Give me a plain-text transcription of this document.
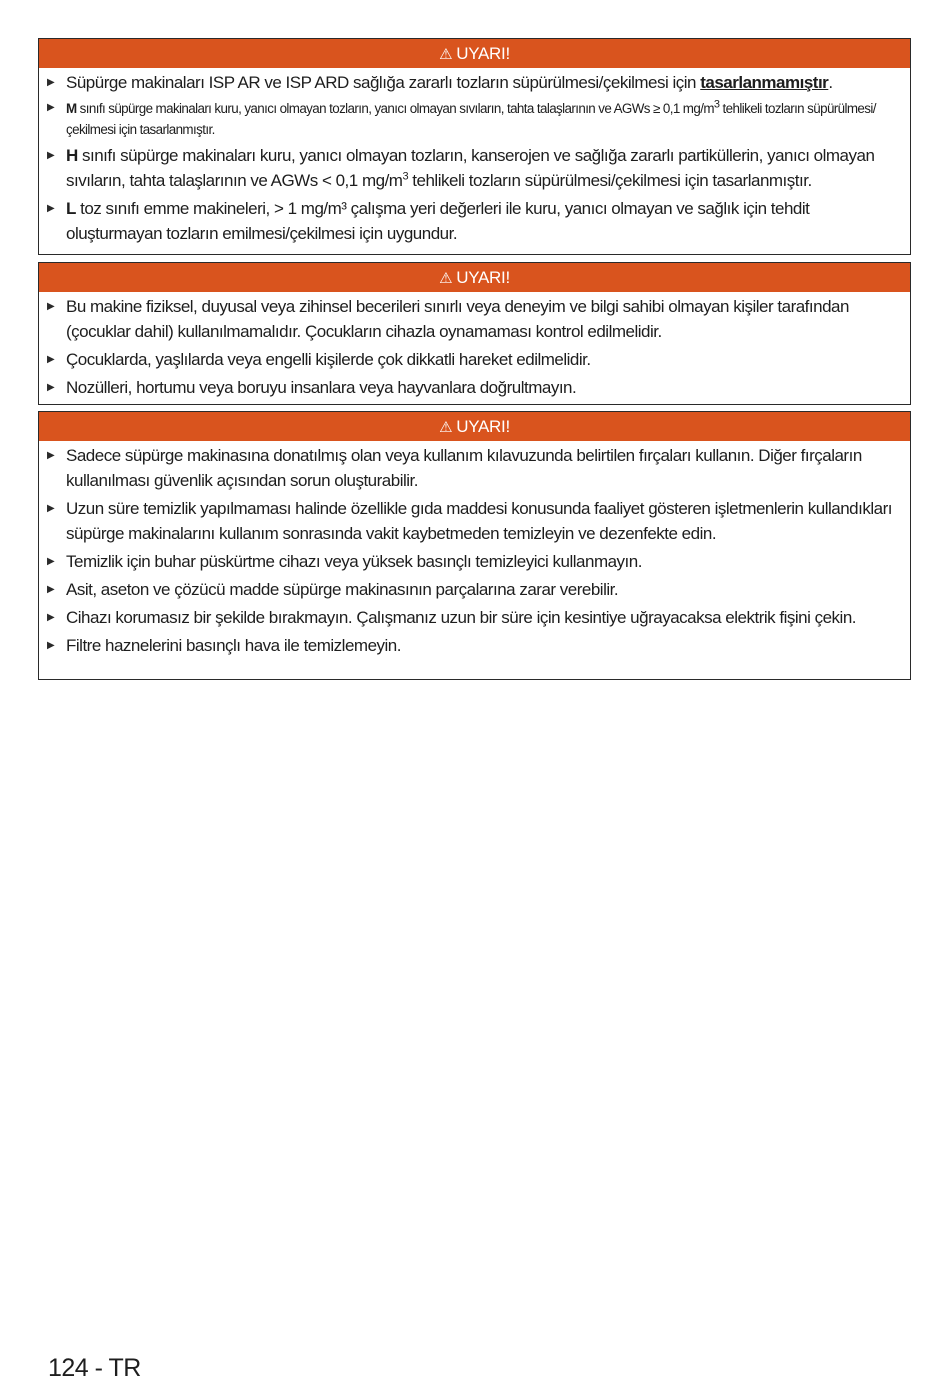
⚠ UYARI!
▶ Süpürge makinaları ISP AR ve ISP ARD sağlığa zararlı tozların süpürülmesi/çekilmesi için tasarlanmamıştır.
▶ M sınıfı süpürge makinaları kuru, yanıcı olmayan tozların, yanıcı olmayan sıvıların, tahta talaşlarının ve AGWs ≥ 0,1 $mg/m^3$ tehlikeli tozların süpürülmesi/çekilmesi için tasarlanmıştır.
▶ H sınıfı süpürge makinaları kuru, yanıcı olmayan tozların, kanserojen ve sağlığa zararlı partiküllerin, yanıcı olmayan sıvıların, tahta talaşlarının ve AGWs < 0,1 $mg/m^3$ tehlikeli tozların süpürülmesi/çekilmesi için tasarlanmıştır.
▶ L toz sınıfı emme makineleri, > 1 mg/m³ çalışma yeri değerleri ile kuru, yanıcı olmayan ve sağlık için tehdit oluşturmayan tozların emilmesi/çekilmesi için uygundur.
⚠ UYARI!
▶ Bu makine fiziksel, duyusal veya zihinsel becerileri sınırlı veya deneyim ve bilgi sahibi olmayan kişiler tarafından (çocuklar dahil) kullanılmamalıdır. Çocukların cihazla oynamaması kontrol edilmelidir.
▶ Çocuklarda, yaşlılarda veya engelli kişilerde çok dikkatli hareket edilmelidir.
▶ Nozülleri, hortumu veya boruyu insanlara veya hayvanlara doğrultmayın.
⚠ UYARI!
▶ Sadece süpürge makinasına donatılmış olan veya kullanım kılavuzunda belirtilen fırçaları kullanın. Diğer fırçaların kullanılması güvenlik açısından sorun oluşturabilir.
▶ Uzun süre temizlik yapılmaması halinde özellikle gıda maddesi konusunda faaliyet gösteren işletmenlerin kullandıkları süpürge makinalarını kullanım sonrasında vakit kaybetmeden temizleyin ve dezenfekte edin.
▶ Temizlik için buhar püskürtme cihazı veya yüksek basınçlı temizleyici kullanmayın.
▶ Asit, aseton ve çözücü madde süpürge makinasının parçalarına zarar verebilir.
▶ Cihazı korumasız bir şekilde bırakmayın. Çalışmanız uzun bir süre için kesintiye uğrayacaksa elektrik fişini çekin.
▶ Filtre haznelerini basınçlı hava ile temizlemeyin.
124 - TR
